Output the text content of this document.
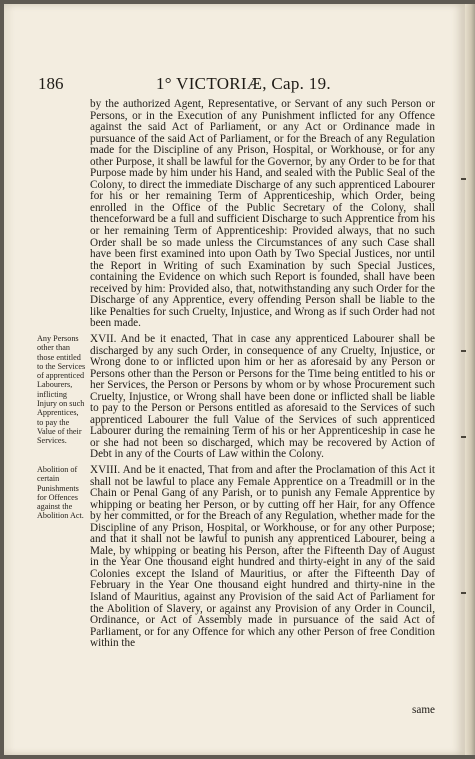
186	1° VICTORIÆ, Cap. 19.

by the authorized Agent, Representative, or Servant of any such Person or Persons, or in the Execution of any Punishment inflicted for any Offence against the said Act of Parliament, or any Act or Ordinance made in pursuance of the said Act of Parliament, or for the Breach of any Regulation made for the Discipline of any Prison, Hospital, or Workhouse, or for any other Purpose, it shall be lawful for the Governor, by any Order to be for that Purpose made by him under his Hand, and sealed with the Public Seal of the Colony, to direct the immediate Discharge of any such apprenticed Labourer for his or her remaining Term of Apprenticeship, which Order, being enrolled in the Office of the Public Secretary of the Colony, shall thenceforward be a full and sufficient Discharge to such Apprentice from his or her remaining Term of Apprenticeship: Provided always, that no such Order shall be so made unless the Circumstances of any such Case shall have been first examined into upon Oath by Two Special Justices, nor until the Report in Writing of such Examination by such Special Justices, containing the Evidence on which such Report is founded, shall have been received by him: Provided also, that, notwithstanding any such Order for the Discharge of any Apprentice, every offending Person shall be liable to the like Penalties for such Cruelty, Injustice, and Wrong as if such Order had not been made.

Any Persons other than those entitled to the Services of apprenticed Labourers, inflicting Injury on such Apprentices, to pay the Value of their Services.

XVII. And be it enacted, That in case any apprenticed Labourer shall be discharged by any such Order, in consequence of any Cruelty, Injustice, or Wrong done to or inflicted upon him or her as aforesaid by any Person or Persons other than the Person or Persons for the Time being entitled to his or her Services, the Person or Persons by whom or by whose Procurement such Cruelty, Injustice, or Wrong shall have been done or inflicted shall be liable to pay to the Person or Persons entitled as aforesaid to the Services of such apprenticed Labourer the full Value of the Services of such apprenticed Labourer during the remaining Term of his or her Apprenticeship in case he or she had not been so discharged, which may be recovered by Action of Debt in any of the Courts of Law within the Colony.

Abolition of certain Punishments for Offences against the Abolition Act.

XVIII. And be it enacted, That from and after the Proclamation of this Act it shall not be lawful to place any Female Apprentice on a Treadmill or in the Chain or Penal Gang of any Parish, or to punish any Female Apprentice by whipping or beating her Person, or by cutting off her Hair, for any Offence by her committed, or for the Breach of any Regulation, whether made for the Discipline of any Prison, Hospital, or Workhouse, or for any other Purpose; and that it shall not be lawful to punish any apprenticed Labourer, being a Male, by whipping or beating his Person, after the Fifteenth Day of August in the Year One thousand eight hundred and thirty-eight in any of the said Colonies except the Island of Mauritius, or after the Fifteenth Day of February in the Year One thousand eight hundred and thirty-nine in the Island of Mauritius, against any Provision of the said Act of Parliament for the Abolition of Slavery, or against any Provision of any Order in Council, Ordinance, or Act of Assembly made in pursuance of the said Act of Parliament, or for any Offence for which any other Person of free Condition within the

same
